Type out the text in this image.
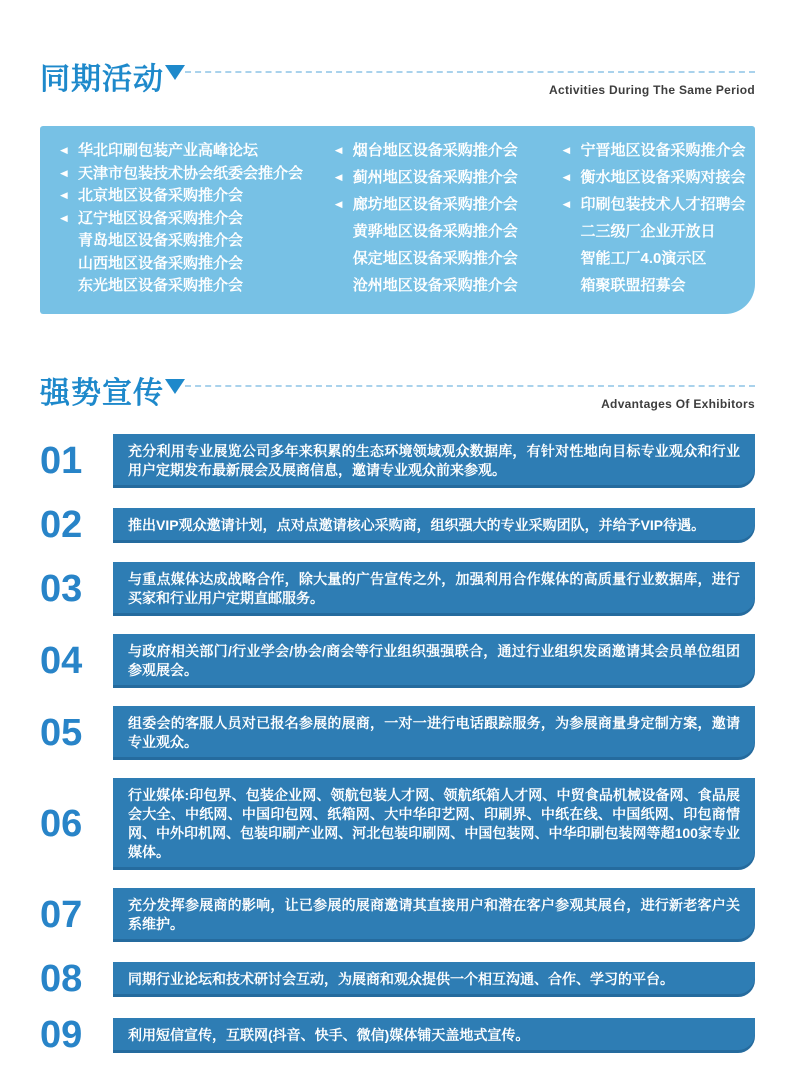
同期活动	Activities During The Same Period
◀ 华北印刷包装产业高峰论坛
◀ 天津市包装技术协会纸委会推介会
◀ 北京地区设备采购推介会
◀ 辽宁地区设备采购推介会
青岛地区设备采购推介会
山西地区设备采购推介会
东光地区设备采购推介会
◀ 烟台地区设备采购推介会
◀ 蓟州地区设备采购推介会
◀ 廊坊地区设备采购推介会
黄骅地区设备采购推介会
保定地区设备采购推介会
沧州地区设备采购推介会
◀ 宁晋地区设备采购推介会
◀ 衡水地区设备采购对接会
◀ 印刷包装技术人才招聘会
二三级厂企业开放日
智能工厂4.0演示区
箱聚联盟招募会
强势宣传	Advantages Of Exhibitors
01	充分利用专业展览公司多年来积累的生态环境领域观众数据库，有针对性地向目标专业观众和行业用户定期发布最新展会及展商信息，邀请专业观众前来参观。
02	推出VIP观众邀请计划，点对点邀请核心采购商，组织强大的专业采购团队，并给予VIP待遇。
03	与重点媒体达成战略合作，除大量的广告宣传之外，加强利用合作媒体的高质量行业数据库，进行买家和行业用户定期直邮服务。
04	与政府相关部门/行业学会/协会/商会等行业组织强强联合，通过行业组织发函邀请其会员单位组团参观展会。
05	组委会的客服人员对已报名参展的展商，一对一进行电话跟踪服务，为参展商量身定制方案，邀请专业观众。
06
行业媒体:印包界、包装企业网、领航包装人才网、领航纸箱人才网、中贸食品机械设备网、食品展会大全、中纸网、中国印包网、纸箱网、大中华印艺网、印刷界、中纸在线、中国纸网、印包商情网、中外印机网、包装印刷产业网、河北包装印刷网、中国包装网、中华印刷包装网等超100家专业媒体。
07	充分发挥参展商的影响，让已参展的展商邀请其直接用户和潜在客户参观其展台，进行新老客户关系维护。
08	同期行业论坛和技术研讨会互动，为展商和观众提供一个相互沟通、合作、学习的平台。
09	利用短信宣传，互联网(抖音、快手、微信)媒体铺天盖地式宣传。
